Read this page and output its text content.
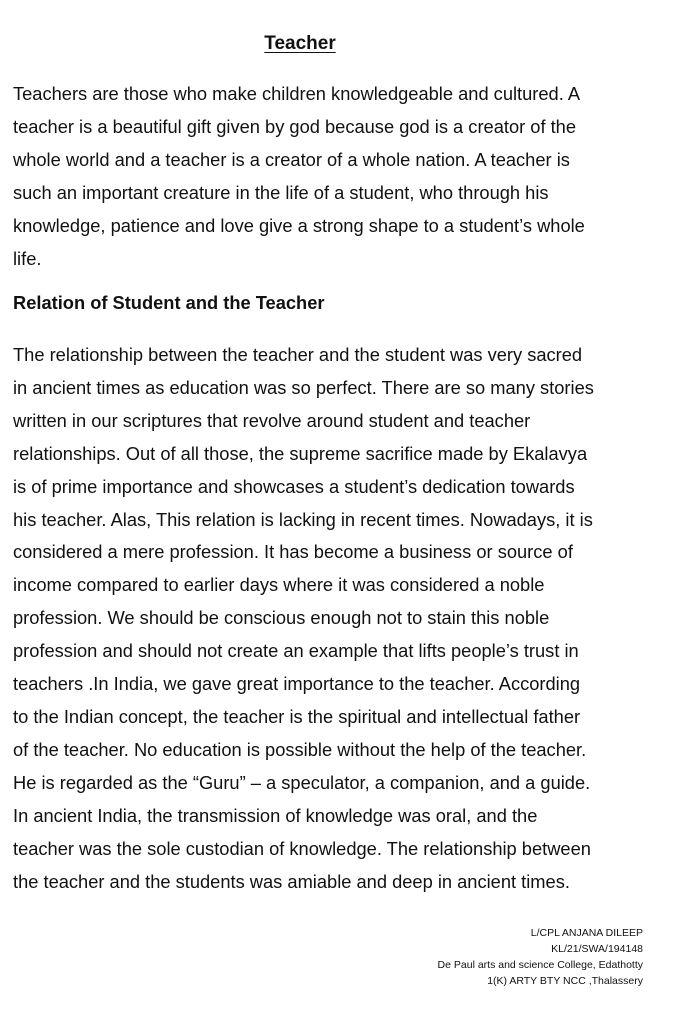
Teacher

Teachers are those who make children knowledgeable and cultured. A
teacher is a beautiful gift given by god because god is a creator of the
whole world and a teacher is a creator of a whole nation. A teacher is
such an important creature in the life of a student, who through his
knowledge, patience and love give a strong shape to a student’s whole
life.

Relation of Student and the Teacher

The relationship between the teacher and the student was very sacred
in ancient times as education was so perfect. There are so many stories
written in our scriptures that revolve around student and teacher
relationships. Out of all those, the supreme sacrifice made by Ekalavya
is of prime importance and showcases a student’s dedication towards
his teacher. Alas, This relation is lacking in recent times. Nowadays, it is
considered a mere profession. It has become a business or source of
income compared to earlier days where it was considered a noble
profession. We should be conscious enough not to stain this noble
profession and should not create an example that lifts people’s trust in
teachers .In India, we gave great importance to the teacher. According
to the Indian concept, the teacher is the spiritual and intellectual father
of the teacher. No education is possible without the help of the teacher.
He is regarded as the “Guru” – a speculator, a companion, and a guide.
In ancient India, the transmission of knowledge was oral, and the
teacher was the sole custodian of knowledge. The relationship between
the teacher and the students was amiable and deep in ancient times.

L/CPL ANJANA DILEEP
KL/21/SWA/194148
De Paul arts and science College, Edathotty
1(K) ARTY BTY NCC ,Thalassery
